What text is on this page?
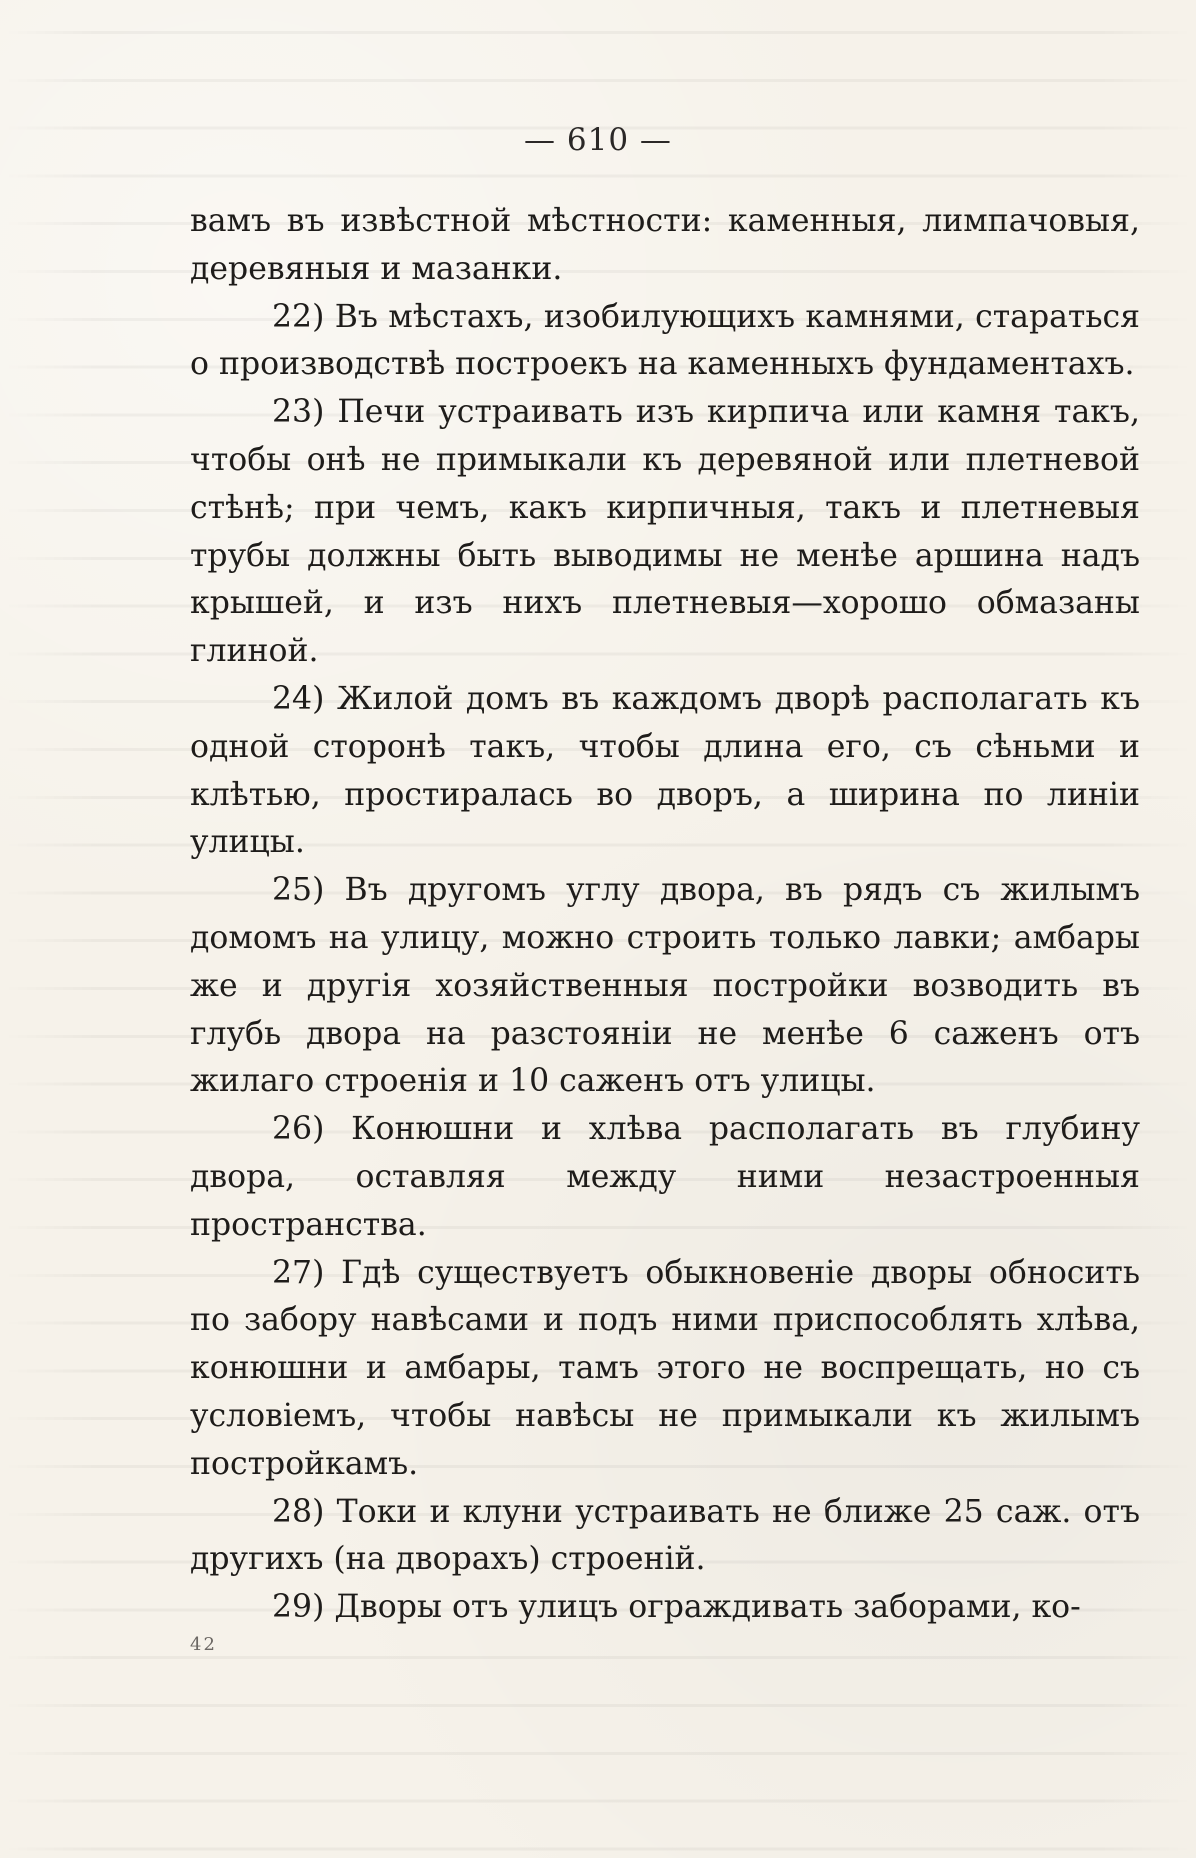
— 610 —

вамъ въ извѣстной мѣстности: каменныя, лимпачовыя, деревяныя и мазанки.

22) Въ мѣстахъ, изобилующихъ камнями, стараться о производствѣ построекъ на каменныхъ фундаментахъ.

23) Печи устраивать изъ кирпича или камня такъ, чтобы онѣ не примыкали къ деревяной или плетневой стѣнѣ; при чемъ, какъ кирпичныя, такъ и плетневыя трубы должны быть выводимы не менѣе аршина надъ крышей, и изъ нихъ плетневыя—хорошо обмазаны глиной.

24) Жилой домъ въ каждомъ дворѣ располагать къ одной сторонѣ такъ, чтобы длина его, съ сѣньми и клѣтью, простиралась во дворъ, а ширина по линіи улицы.

25) Въ другомъ углу двора, въ рядъ съ жилымъ домомъ на улицу, можно строить только лавки; амбары же и другія хозяйственныя постройки возводить въ глубь двора на разстояніи не менѣе 6 саженъ отъ жилаго строенія и 10 саженъ отъ улицы.

26) Конюшни и хлѣва располагать въ глубину двора, оставляя между ними незастроенныя пространства.

27) Гдѣ существуетъ обыкновеніе дворы обносить по забору навѣсами и подъ ними приспособлять хлѣва, конюшни и амбары, тамъ этого не воспрещать, но съ условіемъ, чтобы навѣсы не примыкали къ жилымъ постройкамъ.

28) Токи и клуни устраивать не ближе 25 саж. отъ другихъ (на дворахъ) строеній.

29) Дворы отъ улицъ ограждивать заборами, ко-

42
